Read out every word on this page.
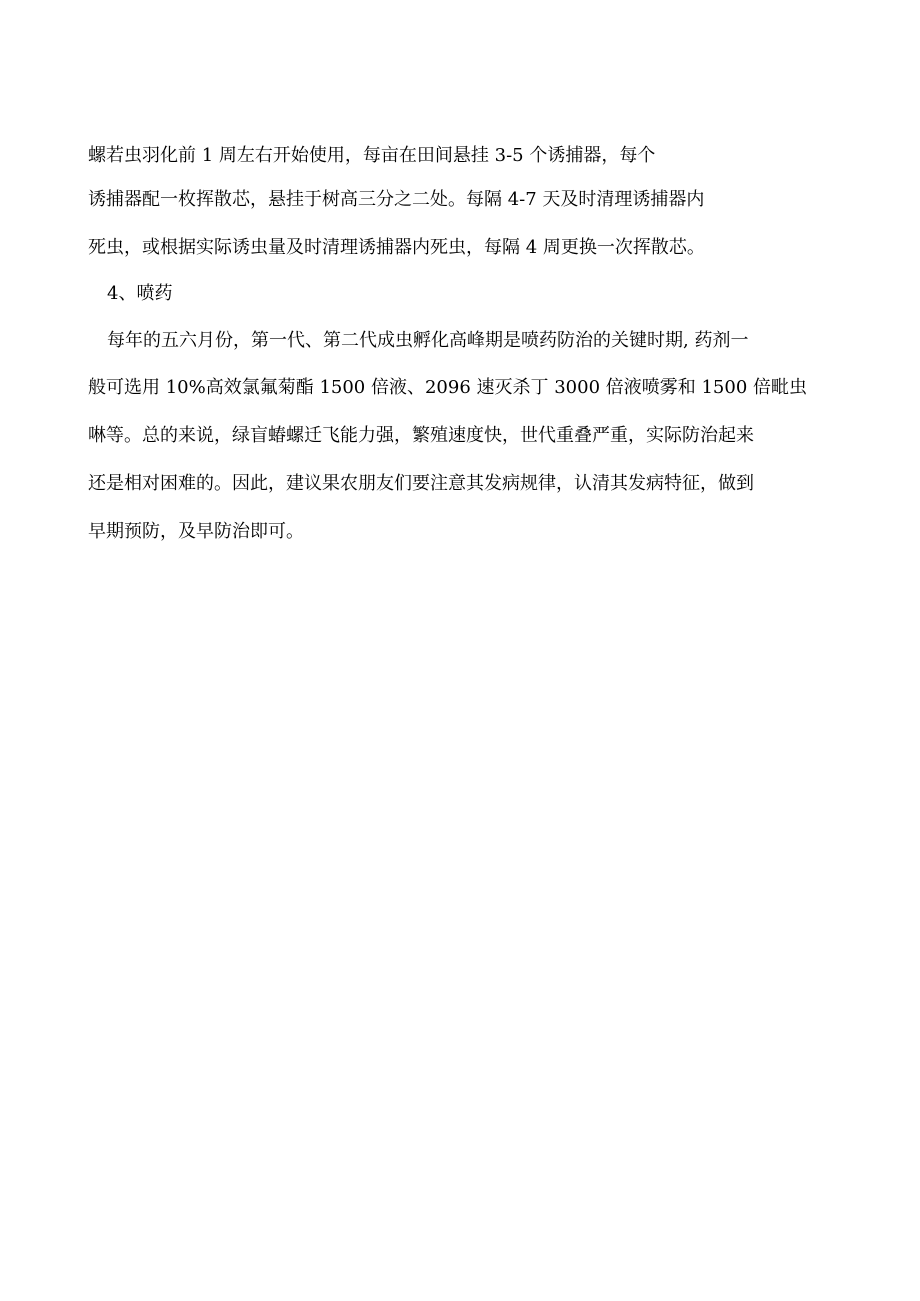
螺若虫羽化前 1 周左右开始使用，每亩在田间悬挂 3-5 个诱捕器，每个
诱捕器配一枚挥散芯，悬挂于树高三分之二处。每隔 4-7 天及时清理诱捕器内
死虫，或根据实际诱虫量及时清理诱捕器内死虫，每隔 4 周更换一次挥散芯。
4、喷药
每年的五六月份，第一代、第二代成虫孵化高峰期是喷药防治的关键时期, 药剂一
般可选用 10%高效氯氟菊酯 1500 倍液、2096 速灭杀丁 3000 倍液喷雾和 1500 倍毗虫
啉等。总的来说，绿盲蝽螺迁飞能力强，繁殖速度快，世代重叠严重，实际防治起来
还是相对困难的。因此，建议果农朋友们要注意其发病规律，认清其发病特征，做到
早期预防，及早防治即可。
